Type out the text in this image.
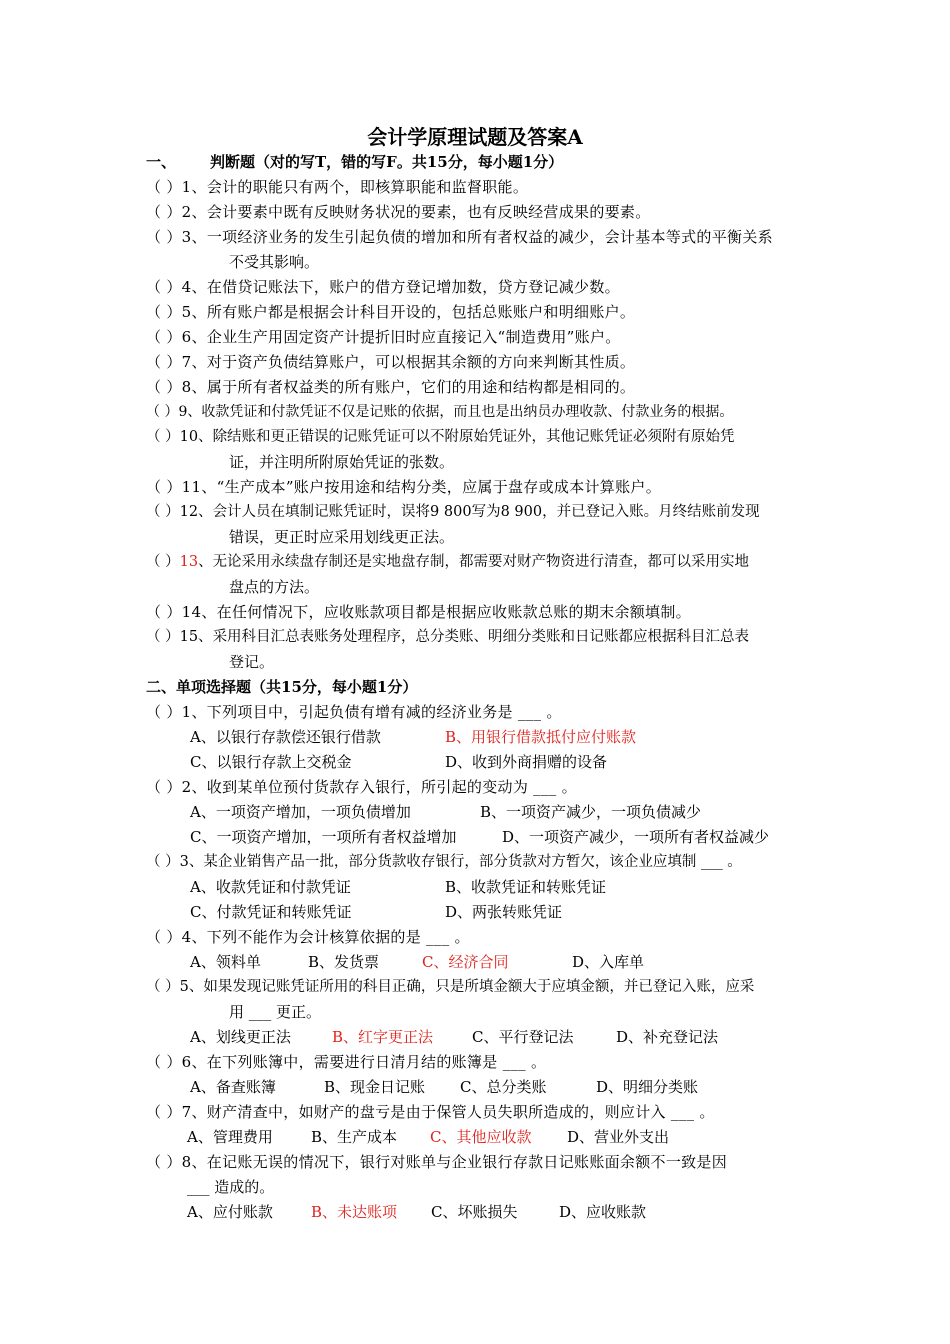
会计学原理试题及答案A
一、 判断题（对的写T，错的写F。共15分，每小题1分）
（ ）1、会计的职能只有两个，即核算职能和监督职能。
（ ）2、会计要素中既有反映财务状况的要素，也有反映经营成果的要素。
（ ）3、一项经济业务的发生引起负债的增加和所有者权益的减少，会计基本等式的平衡关系
不受其影响。
（ ）4、在借贷记账法下，账户的借方登记增加数，贷方登记减少数。
（ ）5、所有账户都是根据会计科目开设的，包括总账账户和明细账户。
（ ）6、企业生产用固定资产计提折旧时应直接记入“制造费用”账户。
（ ）7、对于资产负债结算账户，可以根据其余额的方向来判断其性质。
（ ）8、属于所有者权益类的所有账户，它们的用途和结构都是相同的。
（ ）9、收款凭证和付款凭证不仅是记账的依据，而且也是出纳员办理收款、付款业务的根据。
（ ）10、除结账和更正错误的记账凭证可以不附原始凭证外，其他记账凭证必须附有原始凭
证，并注明所附原始凭证的张数。
（ ）11、“生产成本”账户按用途和结构分类，应属于盘存或成本计算账户。
（ ）12、会计人员在填制记账凭证时，误将9 800写为8 900，并已登记入账。月终结账前发现
错误，更正时应采用划线更正法。
（ ）13、无论采用永续盘存制还是实地盘存制，都需要对财产物资进行清查，都可以采用实地
盘点的方法。
（ ）14、在任何情况下，应收账款项目都是根据应收账款总账的期末余额填制。
（ ）15、采用科目汇总表账务处理程序，总分类账、明细分类账和日记账都应根据科目汇总表
登记。
二、单项选择题（共15分，每小题1分）
（ ）1、下列项目中，引起负债有增有减的经济业务是 ___ 。
A、以银行存款偿还银行借款	B、用银行借款抵付应付账款
C、以银行存款上交税金	D、收到外商捐赠的设备
（ ）2、收到某单位预付货款存入银行，所引起的变动为 ___ 。
A、一项资产增加，一项负债增加	B、一项资产减少，一项负债减少
C、一项资产增加，一项所有者权益增加	D、一项资产减少，一项所有者权益减少
（ ）3、某企业销售产品一批，部分货款收存银行，部分货款对方暂欠，该企业应填制 ___ 。
A、收款凭证和付款凭证	B、收款凭证和转账凭证
C、付款凭证和转账凭证	D、两张转账凭证
（ ）4、下列不能作为会计核算依据的是 ___ 。
A、领料单	B、发货票	C、经济合同	D、入库单
（ ）5、如果发现记账凭证所用的科目正确，只是所填金额大于应填金额，并已登记入账，应采
用 ___ 更正。
A、划线更正法	B、红字更正法	C、平行登记法	D、补充登记法
（ ）6、在下列账簿中，需要进行日清月结的账簿是 ___ 。
A、备查账簿	B、现金日记账 C、总分类账	D、明细分类账
（ ）7、财产清查中，如财产的盘亏是由于保管人员失职所造成的，则应计入 ___ 。
A、管理费用	B、生产成本 C、其他应收款 D、营业外支出
（ ）8、在记账无误的情况下，银行对账单与企业银行存款日记账账面余额不一致是因
___ 造成的。
A、应付账款	B、未达账项 C、坏账损失	D、应收账款
